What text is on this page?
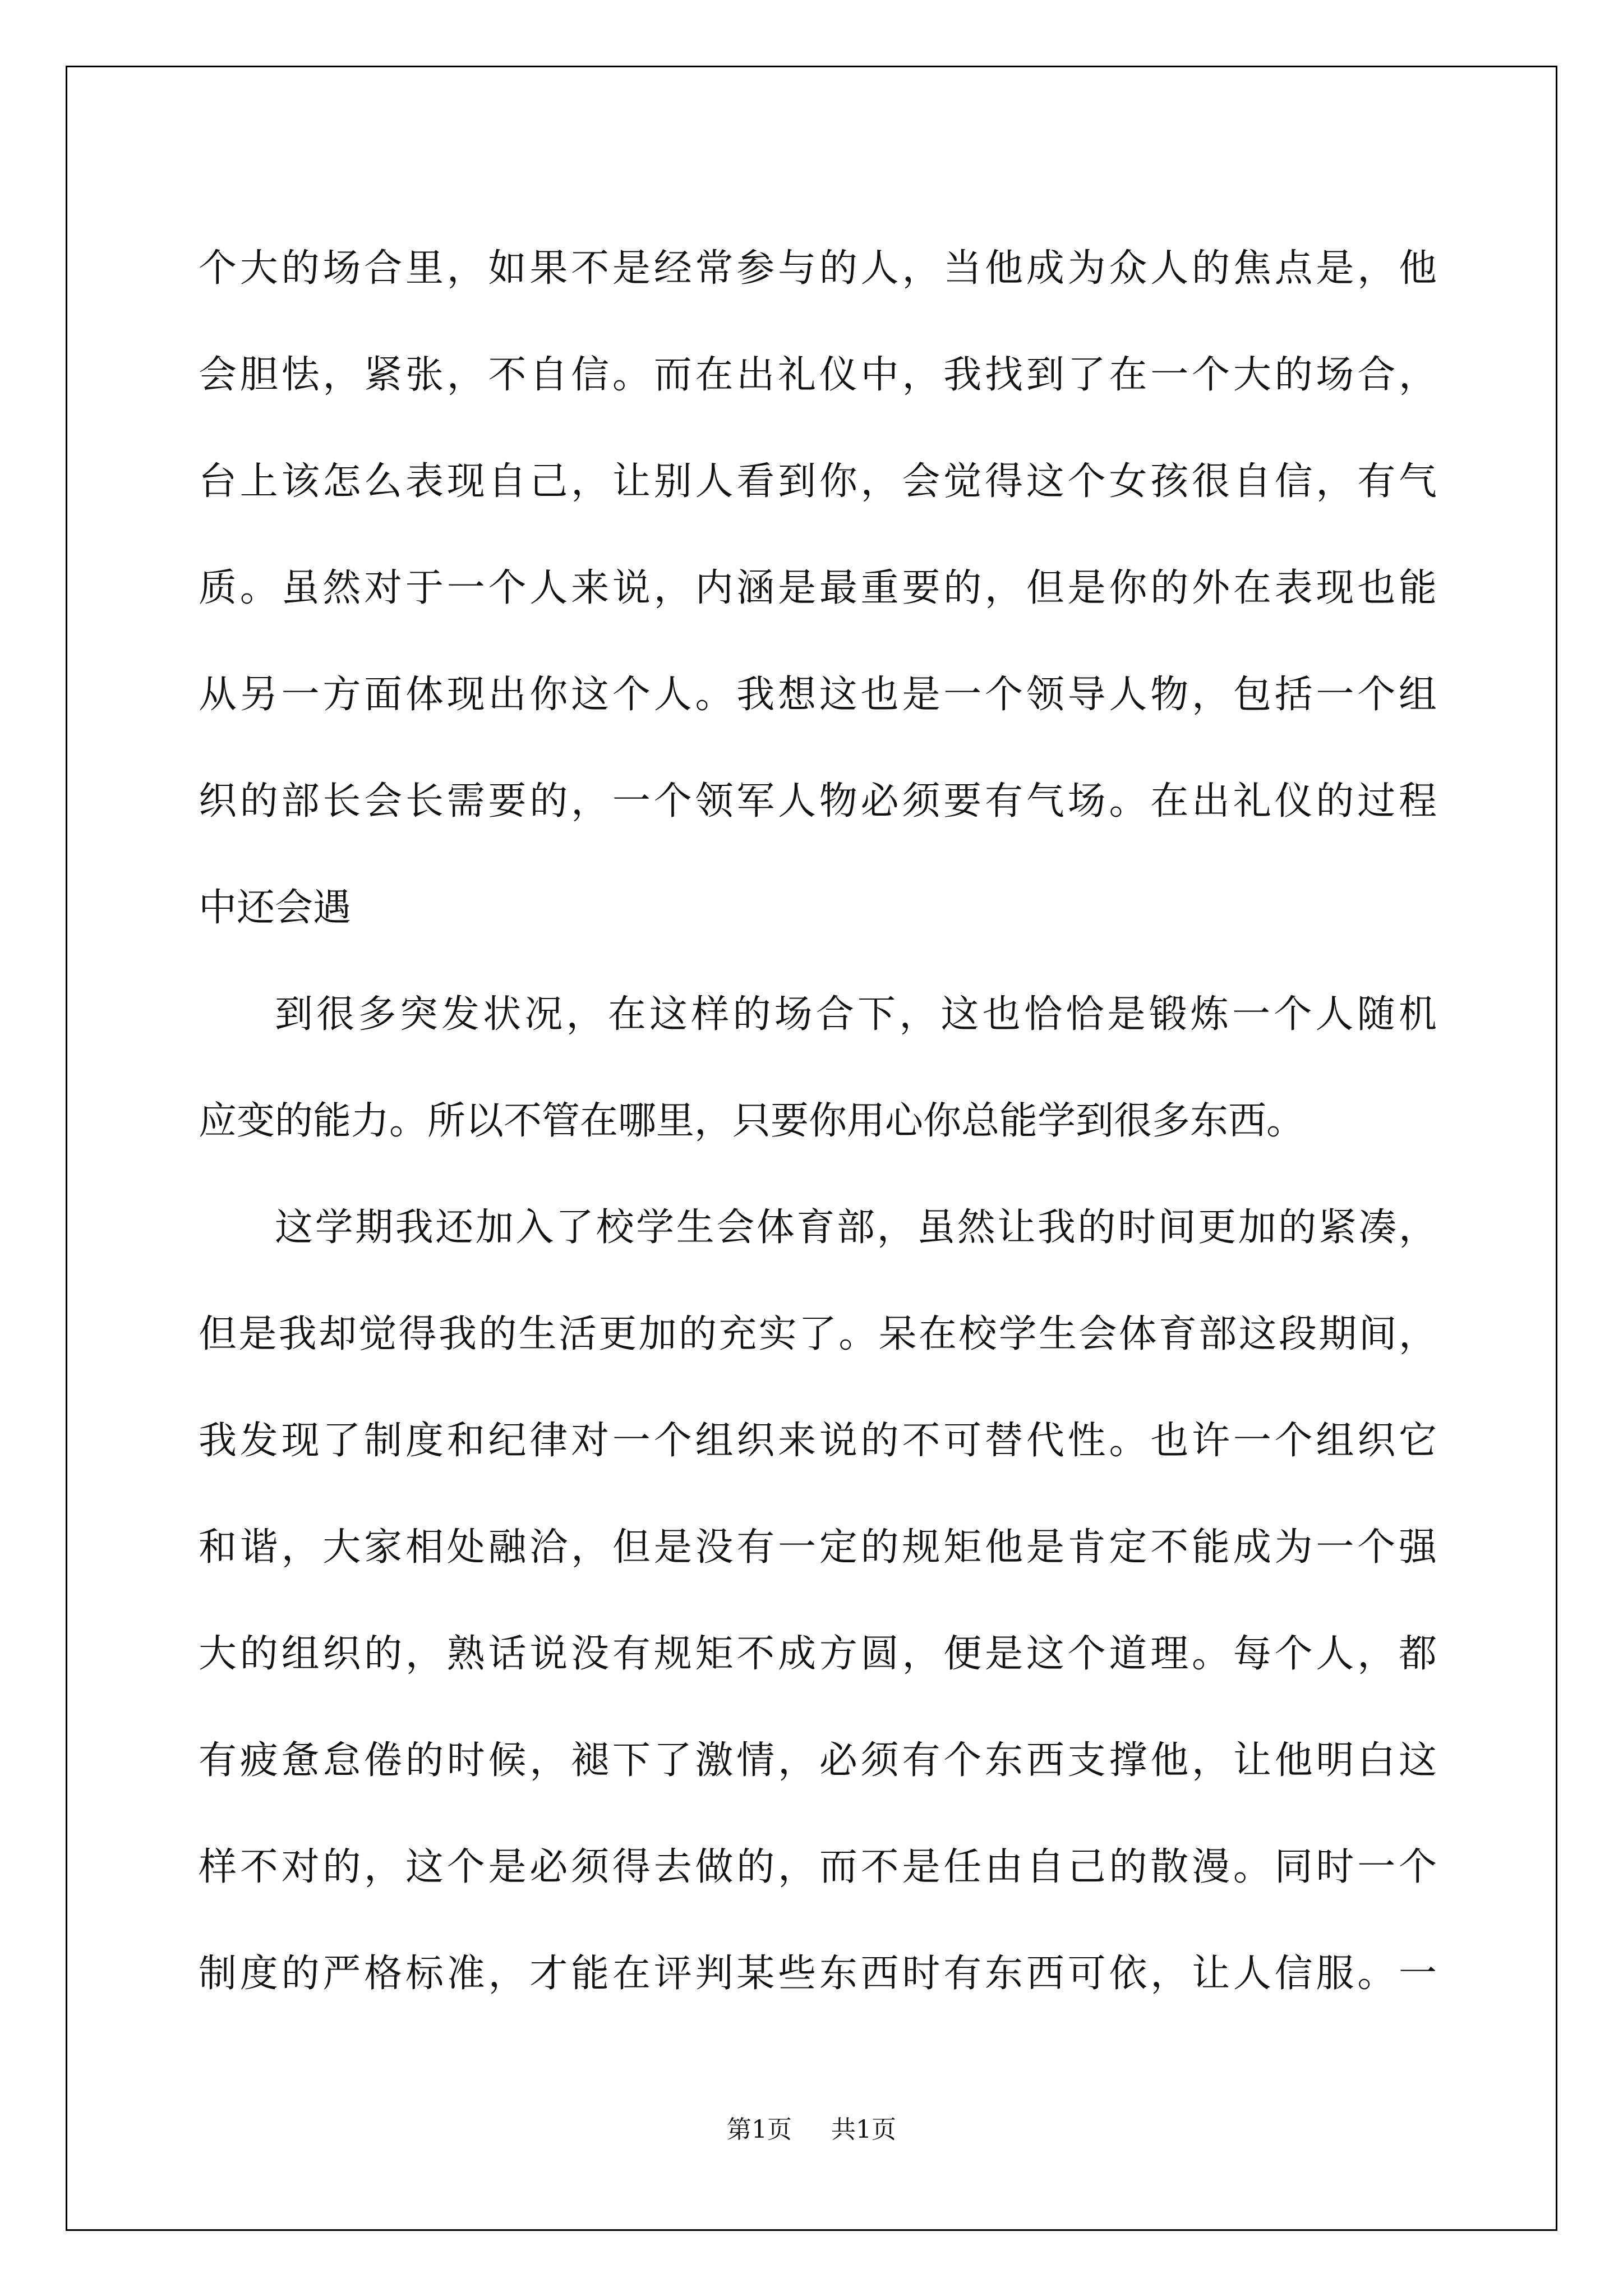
个大的场合里，如果不是经常参与的人，当他成为众人的焦点是，他
会胆怯，紧张，不自信。而在出礼仪中，我找到了在一个大的场合，
台上该怎么表现自己，让别人看到你，会觉得这个女孩很自信，有气
质。虽然对于一个人来说，内涵是最重要的，但是你的外在表现也能
从另一方面体现出你这个人。我想这也是一个领导人物，包括一个组
织的部长会长需要的，一个领军人物必须要有气场。在出礼仪的过程
中还会遇
到很多突发状况，在这样的场合下，这也恰恰是锻炼一个人随机
应变的能力。所以不管在哪里，只要你用心你总能学到很多东西。
这学期我还加入了校学生会体育部，虽然让我的时间更加的紧凑，
但是我却觉得我的生活更加的充实了。呆在校学生会体育部这段期间，
我发现了制度和纪律对一个组织来说的不可替代性。也许一个组织它
和谐，大家相处融洽，但是没有一定的规矩他是肯定不能成为一个强
大的组织的，熟话说没有规矩不成方圆，便是这个道理。每个人，都
有疲惫怠倦的时候，褪下了激情，必须有个东西支撑他，让他明白这
样不对的，这个是必须得去做的，而不是任由自己的散漫。同时一个
制度的严格标准，才能在评判某些东西时有东西可依，让人信服。一
第1页 共1页
